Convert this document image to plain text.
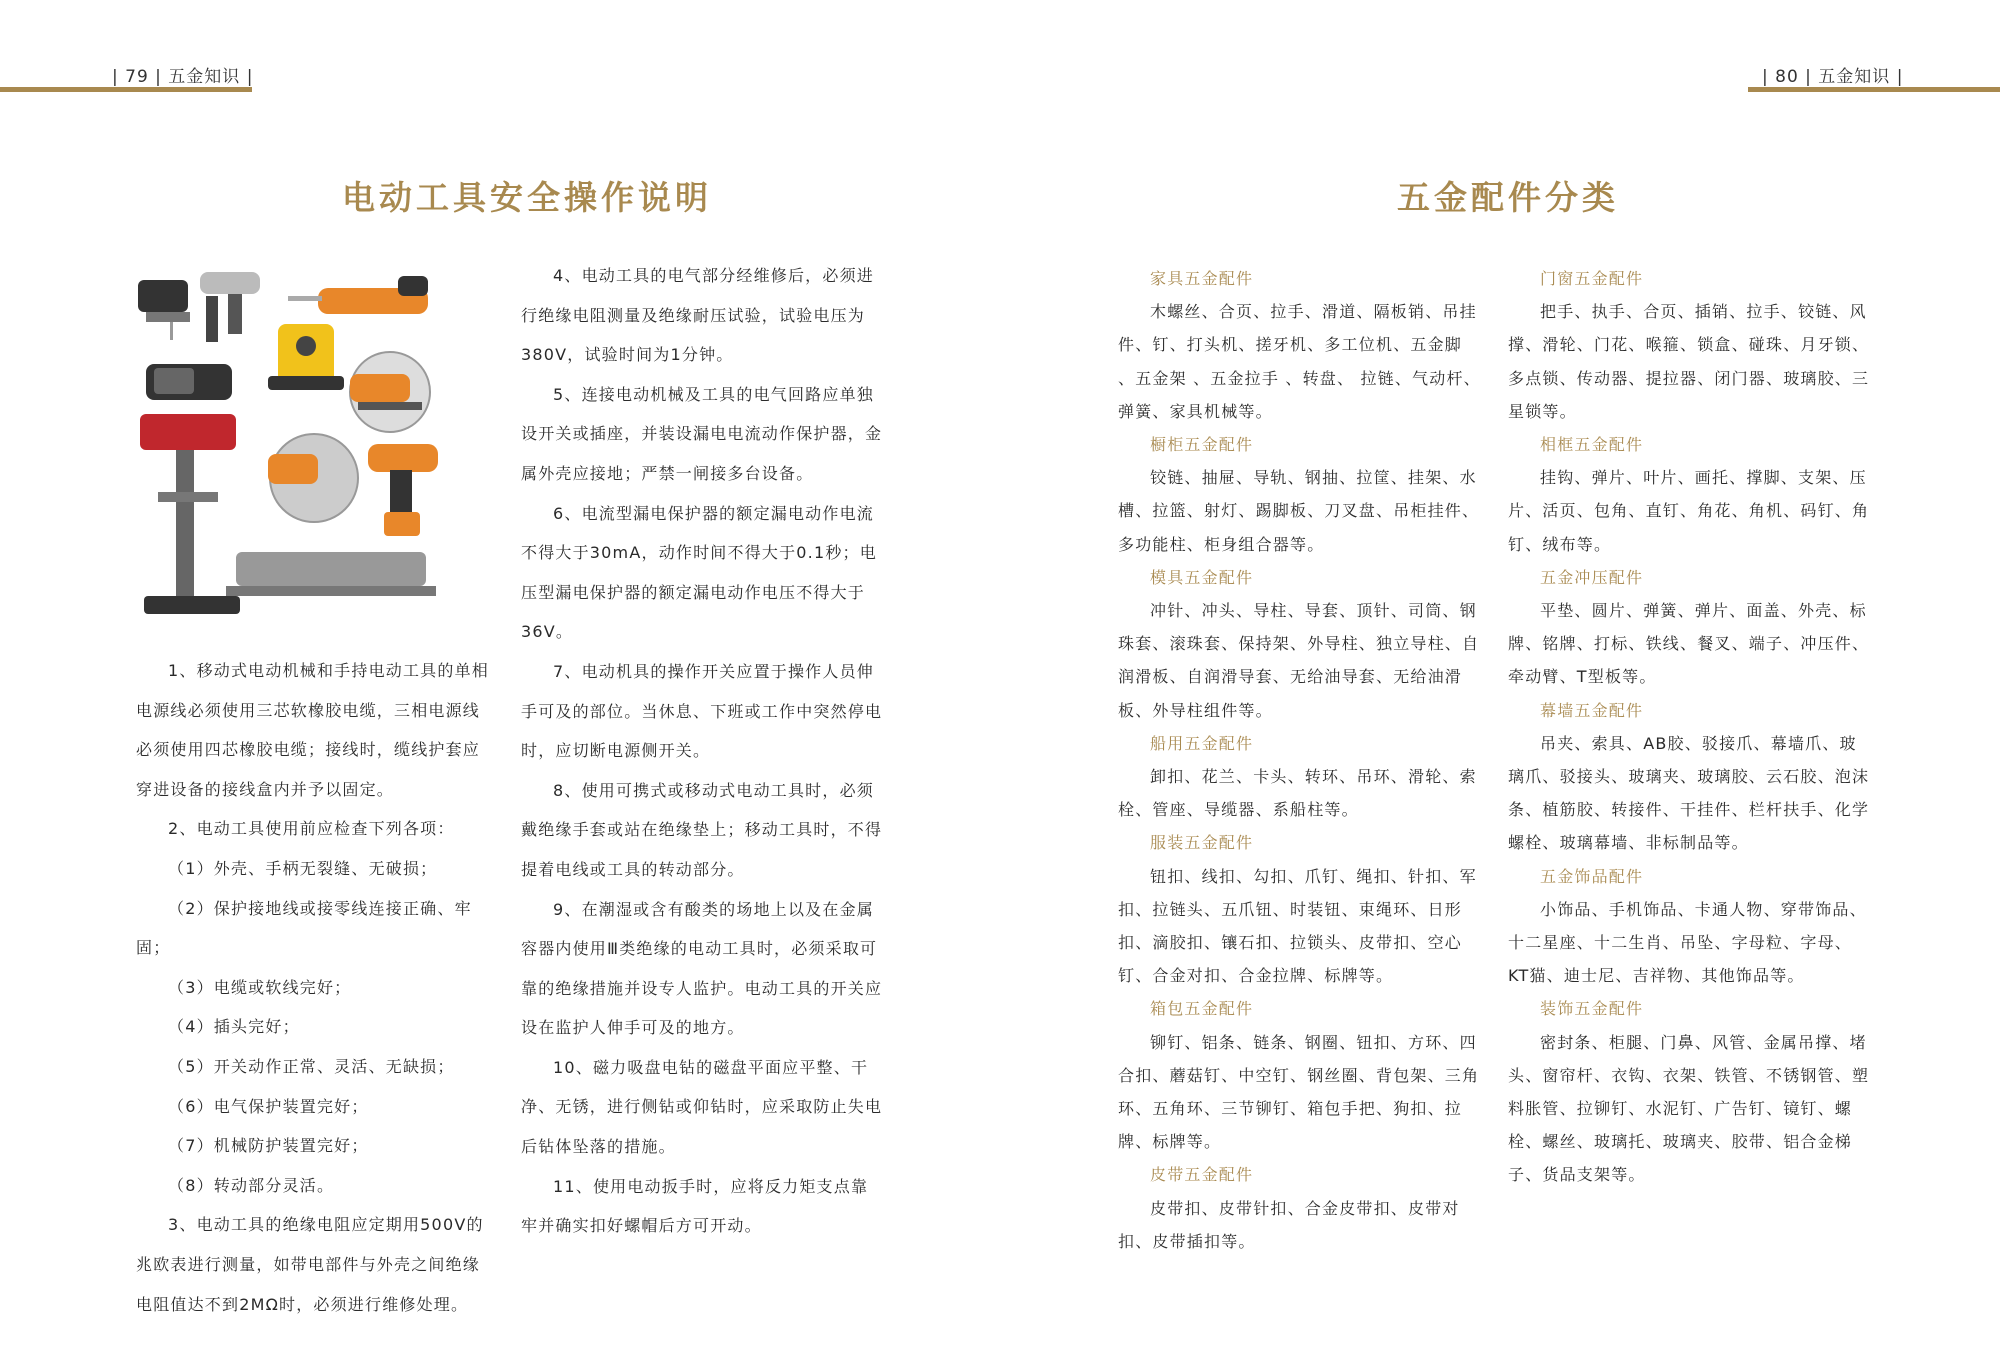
| 79 | 五金知识 |	| 80 | 五金知识 |
电动工具安全操作说明	五金配件分类

1、移动式电动机械和手持电动工具的单相电源线必须使用三芯软橡胶电缆，三相电源线必须使用四芯橡胶电缆；接线时，缆线护套应穿进设备的接线盒内并予以固定。

2、电动工具使用前应检查下列各项：

（1）外壳、手柄无裂缝、无破损；

（2）保护接地线或接零线连接正确、牢固；

（3）电缆或软线完好；

（4）插头完好；

（5）开关动作正常、灵活、无缺损；

（6）电气保护装置完好；

（7）机械防护装置完好；

（8）转动部分灵活。

3、电动工具的绝缘电阻应定期用500V的兆欧表进行测量，如带电部件与外壳之间绝缘电阻值达不到2MΩ时，必须进行维修处理。

4、电动工具的电气部分经维修后，必须进行绝缘电阻测量及绝缘耐压试验，试验电压为380V，试验时间为1分钟。

5、连接电动机械及工具的电气回路应单独设开关或插座，并装设漏电电流动作保护器，金属外壳应接地；严禁一闸接多台设备。

6、电流型漏电保护器的额定漏电动作电流不得大于30mA，动作时间不得大于0.1秒；电压型漏电保护器的额定漏电动作电压不得大于36V。

7、电动机具的操作开关应置于操作人员伸手可及的部位。当休息、下班或工作中突然停电时，应切断电源侧开关。

8、使用可携式或移动式电动工具时，必须戴绝缘手套或站在绝缘垫上；移动工具时，不得提着电线或工具的转动部分。

9、在潮湿或含有酸类的场地上以及在金属容器内使用Ⅲ类绝缘的电动工具时，必须采取可靠的绝缘措施并设专人监护。电动工具的开关应设在监护人伸手可及的地方。

10、磁力吸盘电钻的磁盘平面应平整、干净、无锈，进行侧钻或仰钻时，应采取防止失电后钻体坠落的措施。

11、使用电动扳手时，应将反力矩支点靠牢并确实扣好螺帽后方可开动。

家具五金配件
木螺丝、合页、拉手、滑道、隔板销、吊挂件、钉、打头机、搓牙机、多工位机、五金脚 、五金架 、五金拉手 、转盘、 拉链、气动杆、弹簧、家具机械等。
橱柜五金配件
铰链、抽屉、导轨、钢抽、拉筐、挂架、水槽、拉篮、射灯、踢脚板、刀叉盘、吊柜挂件、多功能柱、柜身组合器等。
模具五金配件
冲针、冲头、导柱、导套、顶针、司筒、钢珠套、滚珠套、保持架、外导柱、独立导柱、自润滑板、自润滑导套、无给油导套、无给油滑板、外导柱组件等。
船用五金配件
卸扣、花兰、卡头、转环、吊环、滑轮、索栓、管座、导缆器、系船柱等。
服装五金配件
钮扣、线扣、勾扣、爪钉、绳扣、针扣、军扣、拉链头、五爪钮、时装钮、束绳环、日形扣、滴胶扣、镶石扣、拉锁头、皮带扣、空心钉、合金对扣、合金拉牌、标牌等。
箱包五金配件
铆钉、铝条、链条、钢圈、钮扣、方环、四合扣、蘑菇钉、中空钉、钢丝圈、背包架、三角环、五角环、三节铆钉、箱包手把、狗扣、拉牌、标牌等。
皮带五金配件
皮带扣、皮带针扣、合金皮带扣、皮带对扣、皮带插扣等。
门窗五金配件
把手、执手、合页、插销、拉手、铰链、风撑、滑轮、门花、喉箍、锁盒、碰珠、月牙锁、多点锁、传动器、提拉器、闭门器、玻璃胶、三星锁等。
相框五金配件
挂钩、弹片、叶片、画托、撑脚、支架、压片、活页、包角、直钉、角花、角机、码钉、角钉、绒布等。
五金冲压配件
平垫、圆片、弹簧、弹片、面盖、外壳、标牌、铭牌、打标、铁线、餐叉、端子、冲压件、牵动臂、T型板等。
幕墙五金配件
吊夹、索具、AB胶、驳接爪、幕墙爪、玻璃爪、驳接头、玻璃夹、玻璃胶、云石胶、泡沫条、植筋胶、转接件、干挂件、栏杆扶手、化学螺栓、玻璃幕墙、非标制品等。
五金饰品配件
小饰品、手机饰品、卡通人物、穿带饰品、十二星座、十二生肖、吊坠、字母粒、字母、KT猫、迪士尼、吉祥物、其他饰品等。
装饰五金配件
密封条、柜腿、门鼻、风管、金属吊撑、堵头、窗帘杆、衣钩、衣架、铁管、不锈钢管、塑料胀管、拉铆钉、水泥钉、广告钉、镜钉、螺栓、螺丝、玻璃托、玻璃夹、胶带、铝合金梯子、货品支架等。
